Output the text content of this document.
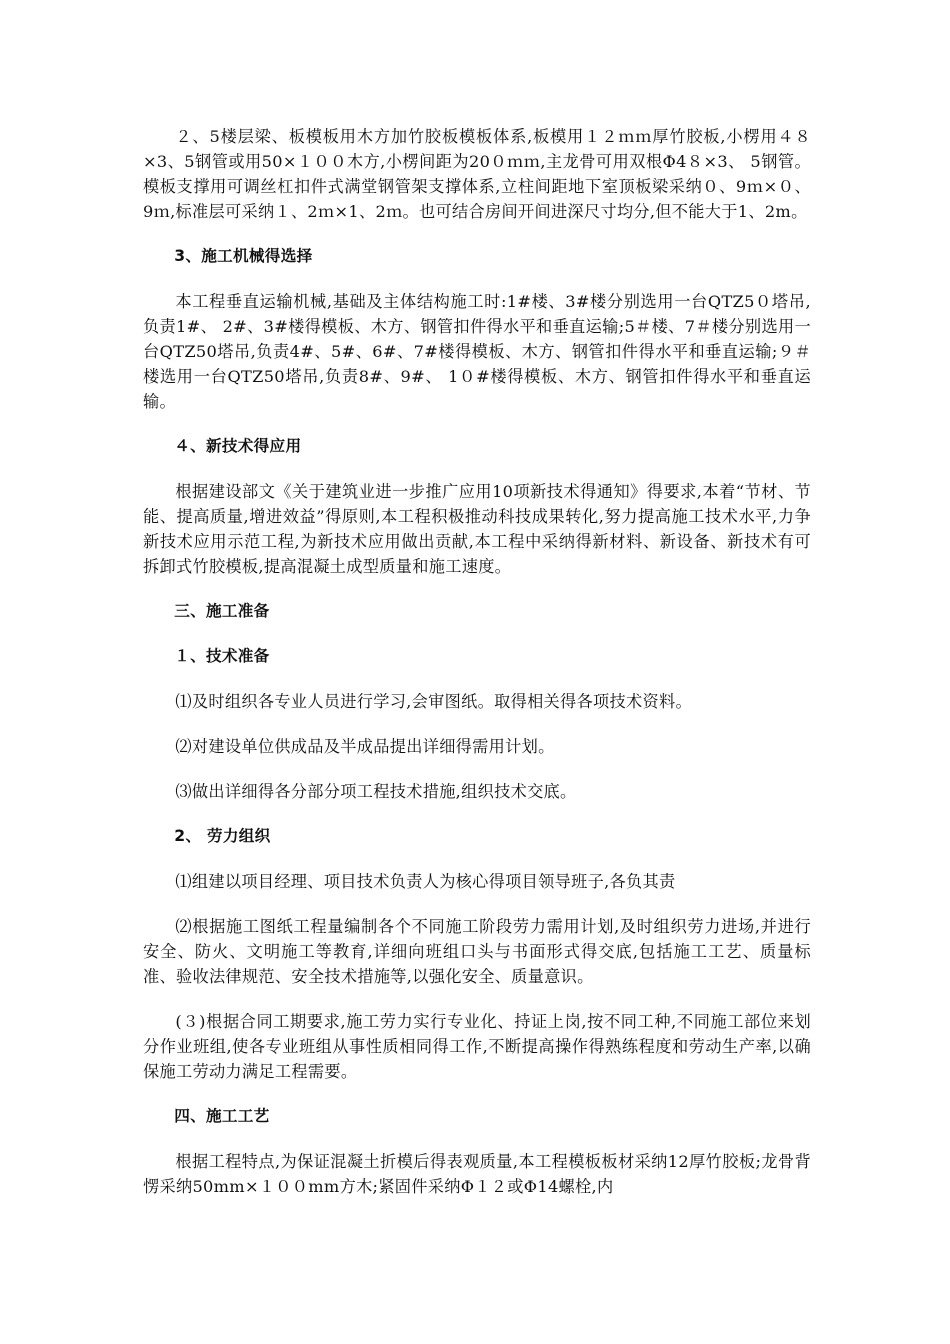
２、5楼层梁、板模板用木方加竹胶板模板体系,板模用１２ｍｍ厚竹胶板,小楞用４８×3、5钢管或用50×１００木方,小楞间距为20０ｍｍ,主龙骨可用双根Φ4８×3、 5钢管。模板支撑用可调丝杠扣件式满堂钢管架支撑体系,立柱间距地下室顶板梁采纳０、9ｍ×０、 9ｍ,标准层可采纳１、2ｍ×1、2ｍ。也可结合房间开间进深尺寸均分,但不能大于1、2m。

3、施工机械得选择

本工程垂直运输机械,基础及主体结构施工时:1#楼、3#楼分别选用一台QTZ5０塔吊,负责1#、 2#、3#楼得模板、木方、钢管扣件得水平和垂直运输;5＃楼、7＃楼分别选用一台QTZ50塔吊,负责4#、5#、6#、7#楼得模板、木方、钢管扣件得水平和垂直运输;９＃楼选用一台QTZ50塔吊,负责8#、9#、 1０#楼得模板、木方、钢管扣件得水平和垂直运输。

４、新技术得应用

根据建设部文《关于建筑业进一步推广应用10项新技术得通知》得要求,本着“节材、节能、提高质量,增进效益”得原则,本工程积极推动科技成果转化,努力提高施工技术水平,力争新技术应用示范工程,为新技术应用做出贡献,本工程中采纳得新材料、新设备、新技术有可拆卸式竹胶模板,提高混凝土成型质量和施工速度。

三、施工准备

１、技术准备

⑴及时组织各专业人员进行学习,会审图纸。取得相关得各项技术资料。

⑵对建设单位供成品及半成品提出详细得需用计划。

⑶做出详细得各分部分项工程技术措施,组织技术交底。

2、 劳力组织

⑴组建以项目经理、项目技术负责人为核心得项目领导班子,各负其责

⑵根据施工图纸工程量编制各个不同施工阶段劳力需用计划,及时组织劳力进场,并进行安全、防火、文明施工等教育,详细向班组口头与书面形式得交底,包括施工工艺、质量标准、验收法律规范、安全技术措施等,以强化安全、质量意识。

(３)根据合同工期要求,施工劳力实行专业化、持证上岗,按不同工种,不同施工部位来划分作业班组,使各专业班组从事性质相同得工作,不断提高操作得熟练程度和劳动生产率,以确保施工劳动力满足工程需要。

四、施工工艺

根据工程特点,为保证混凝土折模后得表观质量,本工程模板板材采纳12厚竹胶板;龙骨背愣采纳50mm×１００mm方木;紧固件采纳Φ１２或Φ14螺栓,内
